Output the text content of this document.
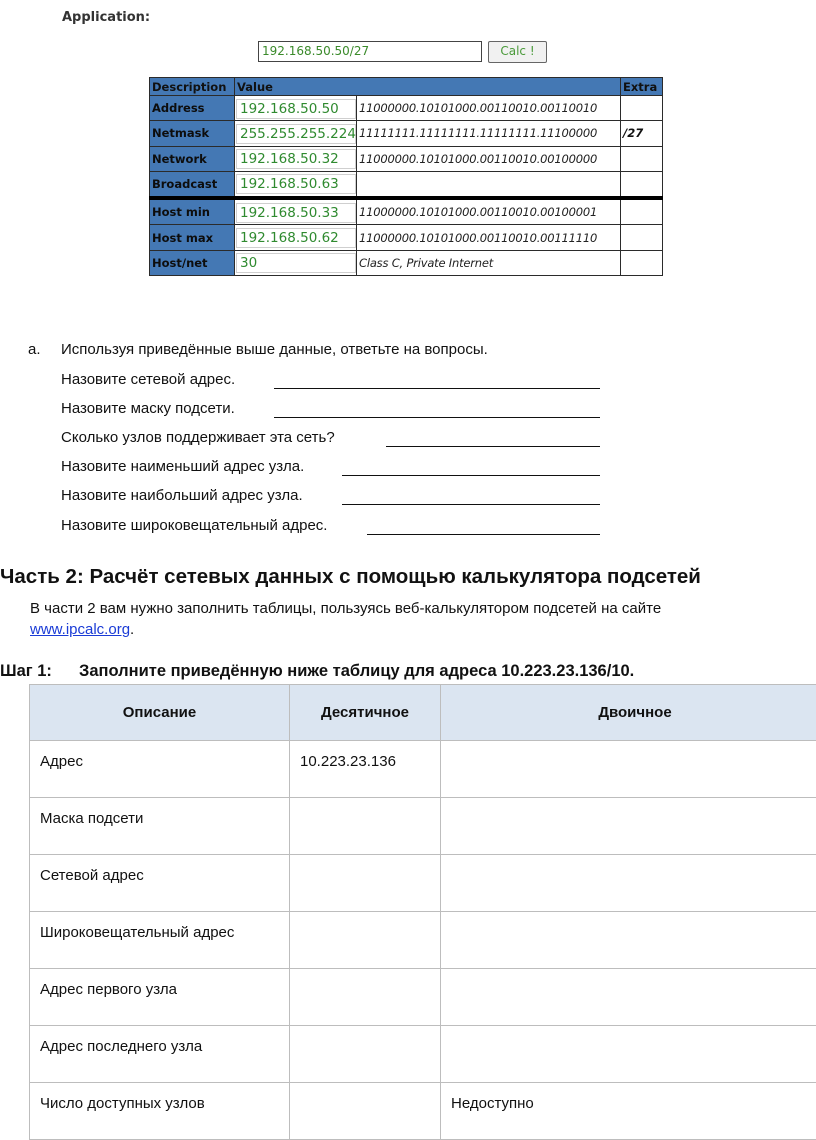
Application:
192.168.50.50/27	Calc !
Description	Value		Extra
Address	192.168.50.50	11000000.10101000.00110010.00110010	
Netmask	255.255.255.224	11111111.11111111.11111111.11100000	/27
Network	192.168.50.32	11000000.10101000.00110010.00100000	
Broadcast	192.168.50.63		

Host min	192.168.50.33	11000000.10101000.00110010.00100001	
Host max	192.168.50.62	11000000.10101000.00110010.00111110	
Host/net	30	Class C, Private Internet	
a. Используя приведённые выше данные, ответьте на вопросы.
Назовите сетевой адрес.
Назовите маску подсети.
Сколько узлов поддерживает эта сеть?
Назовите наименьший адрес узла.
Назовите наибольший адрес узла.
Назовите широковещательный адрес.
Часть 2: Расчёт сетевых данных с помощью калькулятора подсетей
В части 2 вам нужно заполнить таблицы, пользуясь веб-калькулятором подсетей на сайте
www.ipcalc.org.
Шаг 1: Заполните приведённую ниже таблицу для адреса 10.223.23.136/10.
Описание	Десятичное	Двоичное
Адрес	10.223.23.136	
Маска подсети		
Сетевой адрес		
Широковещательный адрес		
Адрес первого узла		
Адрес последнего узла		
Число доступных узлов		Недоступно
